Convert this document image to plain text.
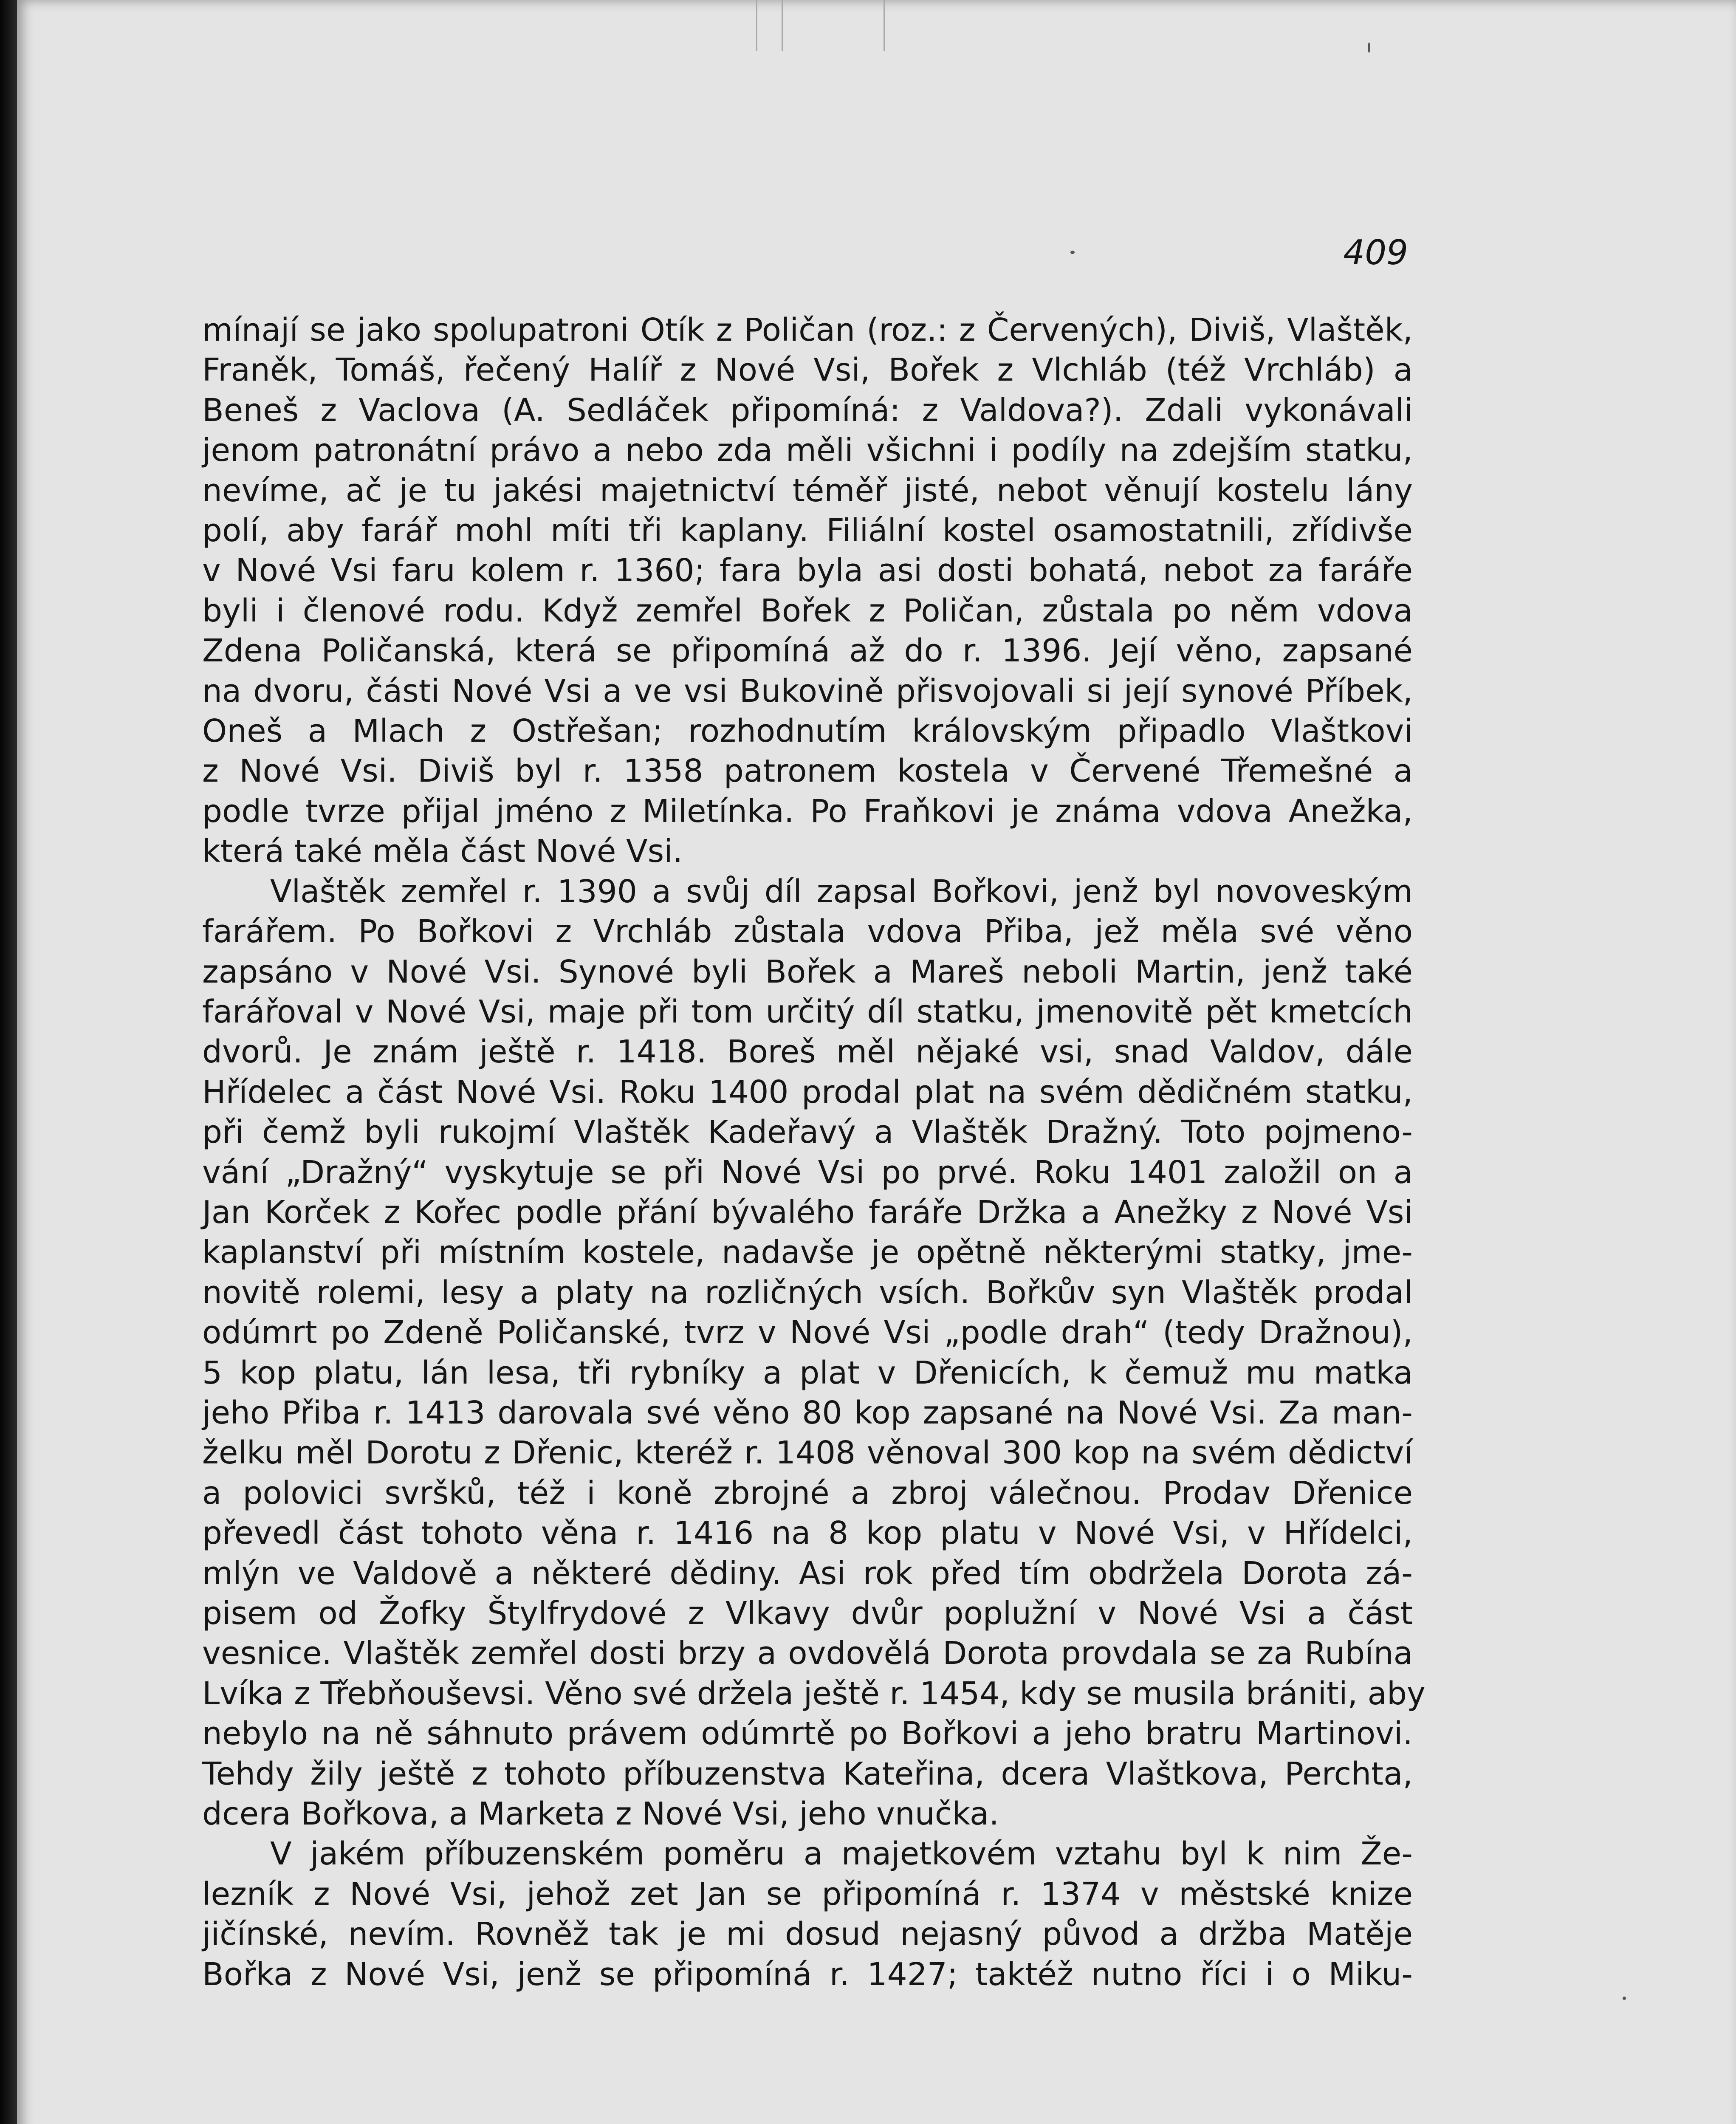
409
mínají se jako spolupatroni Otík z Poličan (roz.: z Červených), Diviš, Vlaštěk,
Franěk, Tomáš, řečený Halíř z Nové Vsi, Bořek z Vlchláb (též Vrchláb) a
Beneš z Vaclova (A. Sedláček připomíná: z Valdova?). Zdali vykonávali
jenom patronátní právo a nebo zda měli všichni i podíly na zdejším statku,
nevíme, ač je tu jakési majetnictví téměř jisté, nebot věnují kostelu lány
polí, aby farář mohl míti tři kaplany. Filiální kostel osamostatnili, zřídivše
v Nové Vsi faru kolem r. 1360; fara byla asi dosti bohatá, nebot za faráře
byli i členové rodu. Když zemřel Bořek z Poličan, zůstala po něm vdova
Zdena Poličanská, která se připomíná až do r. 1396. Její věno, zapsané
na dvoru, části Nové Vsi a ve vsi Bukovině přisvojovali si její synové Příbek,
Oneš a Mlach z Ostřešan; rozhodnutím královským připadlo Vlaštkovi
z Nové Vsi. Diviš byl r. 1358 patronem kostela v Červené Třemešné a
podle tvrze přijal jméno z Miletínka. Po Fraňkovi je známa vdova Anežka,
která také měla část Nové Vsi.
Vlaštěk zemřel r. 1390 a svůj díl zapsal Bořkovi, jenž byl novoveským
farářem. Po Bořkovi z Vrchláb zůstala vdova Přiba, jež měla své věno
zapsáno v Nové Vsi. Synové byli Bořek a Mareš neboli Martin, jenž také
farářoval v Nové Vsi, maje při tom určitý díl statku, jmenovitě pět kmetcích
dvorů. Je znám ještě r. 1418. Boreš měl nějaké vsi, snad Valdov, dále
Hřídelec a část Nové Vsi. Roku 1400 prodal plat na svém dědičném statku,
při čemž byli rukojmí Vlaštěk Kadeřavý a Vlaštěk Dražný. Toto pojmeno-
vání „Dražný“ vyskytuje se při Nové Vsi po prvé. Roku 1401 založil on a
Jan Korček z Kořec podle přání bývalého faráře Držka a Anežky z Nové Vsi
kaplanství při místním kostele, nadavše je opětně některými statky, jme-
novitě rolemi, lesy a platy na rozličných vsích. Bořkův syn Vlaštěk prodal
odúmrt po Zdeně Poličanské, tvrz v Nové Vsi „podle drah“ (tedy Dražnou),
5 kop platu, lán lesa, tři rybníky a plat v Dřenicích, k čemuž mu matka
jeho Přiba r. 1413 darovala své věno 80 kop zapsané na Nové Vsi. Za man-
želku měl Dorotu z Dřenic, kteréž r. 1408 věnoval 300 kop na svém dědictví
a polovici svršků, též i koně zbrojné a zbroj válečnou. Prodav Dřenice
převedl část tohoto věna r. 1416 na 8 kop platu v Nové Vsi, v Hřídelci,
mlýn ve Valdově a některé dědiny. Asi rok před tím obdržela Dorota zá-
pisem od Žofky Štylfrydové z Vlkavy dvůr poplužní v Nové Vsi a část
vesnice. Vlaštěk zemřel dosti brzy a ovdovělá Dorota provdala se za Rubína
Lvíka z Třebňouševsi. Věno své držela ještě r. 1454, kdy se musila brániti, aby
nebylo na ně sáhnuto právem odúmrtě po Bořkovi a jeho bratru Martinovi.
Tehdy žily ještě z tohoto příbuzenstva Kateřina, dcera Vlaštkova, Perchta,
dcera Bořkova, a Marketa z Nové Vsi, jeho vnučka.
V jakém příbuzenském poměru a majetkovém vztahu byl k nim Že-
lezník z Nové Vsi, jehož zet Jan se připomíná r. 1374 v městské knize
jičínské, nevím. Rovněž tak je mi dosud nejasný původ a držba Matěje
Bořka z Nové Vsi, jenž se připomíná r. 1427; taktéž nutno říci i o Miku-
